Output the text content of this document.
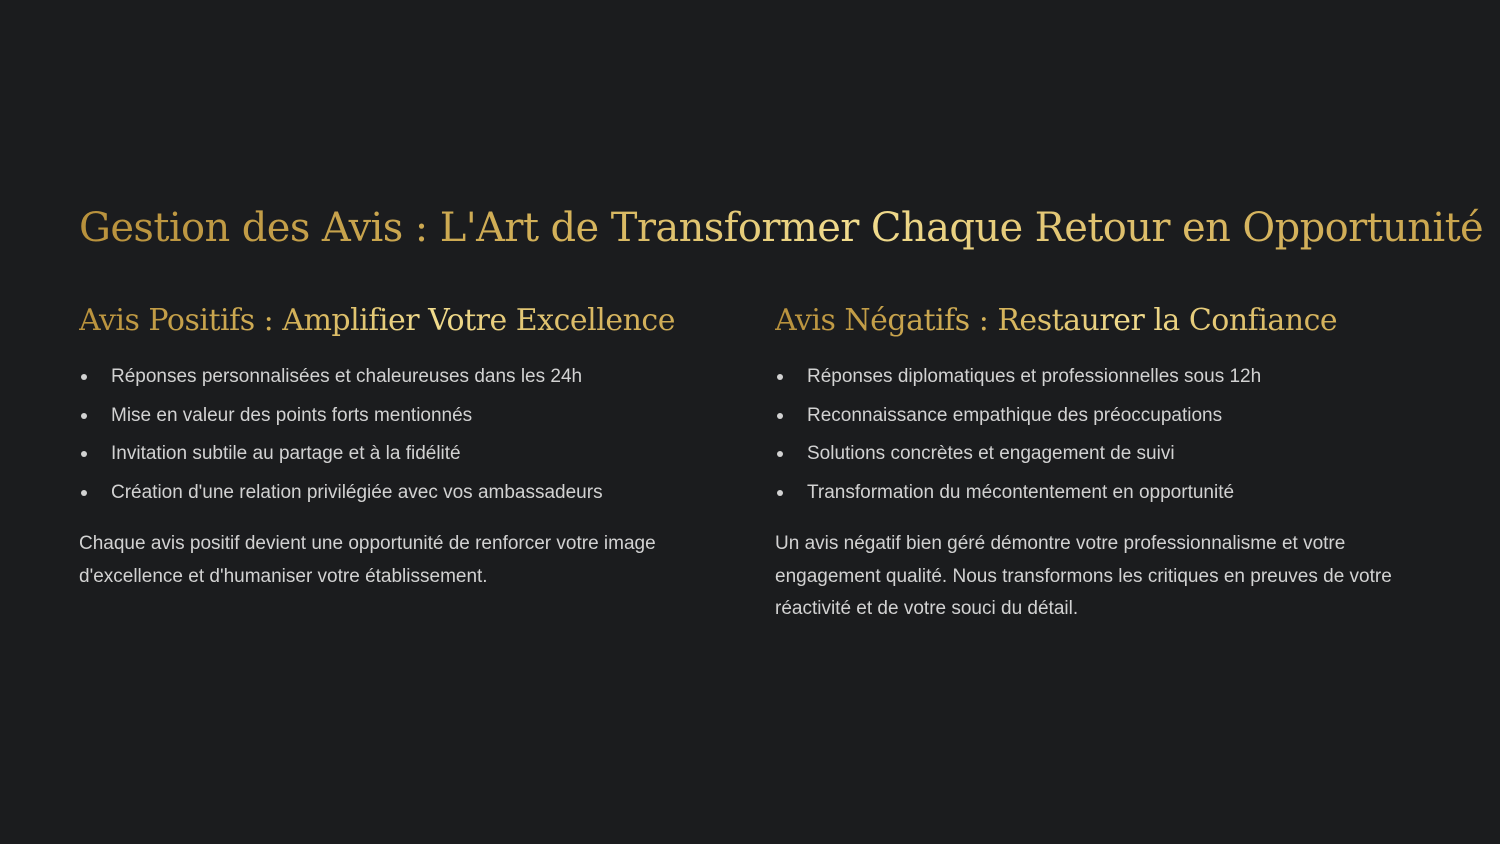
Gestion des Avis : L'Art de Transformer Chaque Retour en Opportunité
Avis Positifs : Amplifier Votre Excellence
Réponses personnalisées et chaleureuses dans les 24h
Mise en valeur des points forts mentionnés
Invitation subtile au partage et à la fidélité
Création d'une relation privilégiée avec vos ambassadeurs

Chaque avis positif devient une opportunité de renforcer votre image d'excellence et d'humaniser votre établissement.

Avis Négatifs : Restaurer la Confiance
Réponses diplomatiques et professionnelles sous 12h
Reconnaissance empathique des préoccupations
Solutions concrètes et engagement de suivi
Transformation du mécontentement en opportunité

Un avis négatif bien géré démontre votre professionnalisme et votre engagement qualité. Nous transformons les critiques en preuves de votre réactivité et de votre souci du détail.
